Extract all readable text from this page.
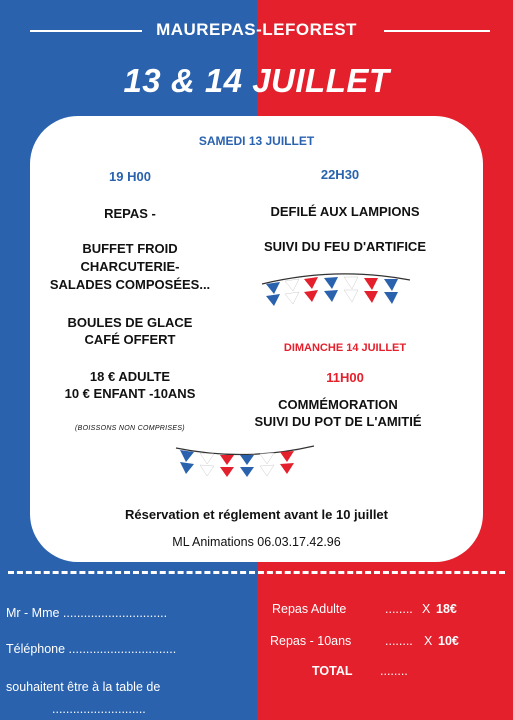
MAUREPAS-LEFOREST
13 & 14 JUILLET
SAMEDI 13 JUILLET
19 H00	22H30
REPAS -
BUFFET FROID
CHARCUTERIE-
SALADES COMPOSÉES...
BOULES DE GLACE
CAFÉ OFFERT
18 € ADULTE
10 € ENFANT -10ANS
(BOISSONS NON COMPRISES)
DEFILÉ AUX LAMPIONS
SUIVI DU FEU D'ARTIFICE
DIMANCHE 14 JUILLET
11H00
COMMÉMORATION
SUIVI DU POT DE L'AMITIÉ
Réservation et réglement avant le 10 juillet
ML Animations 06.03.17.42.96
Mr - Mme ..............................
Téléphone ...............................
souhaitent être à la table de
...........................
Repas Adulte	........ X 18€
Repas - 10ans	........ X 10€
TOTAL ........
